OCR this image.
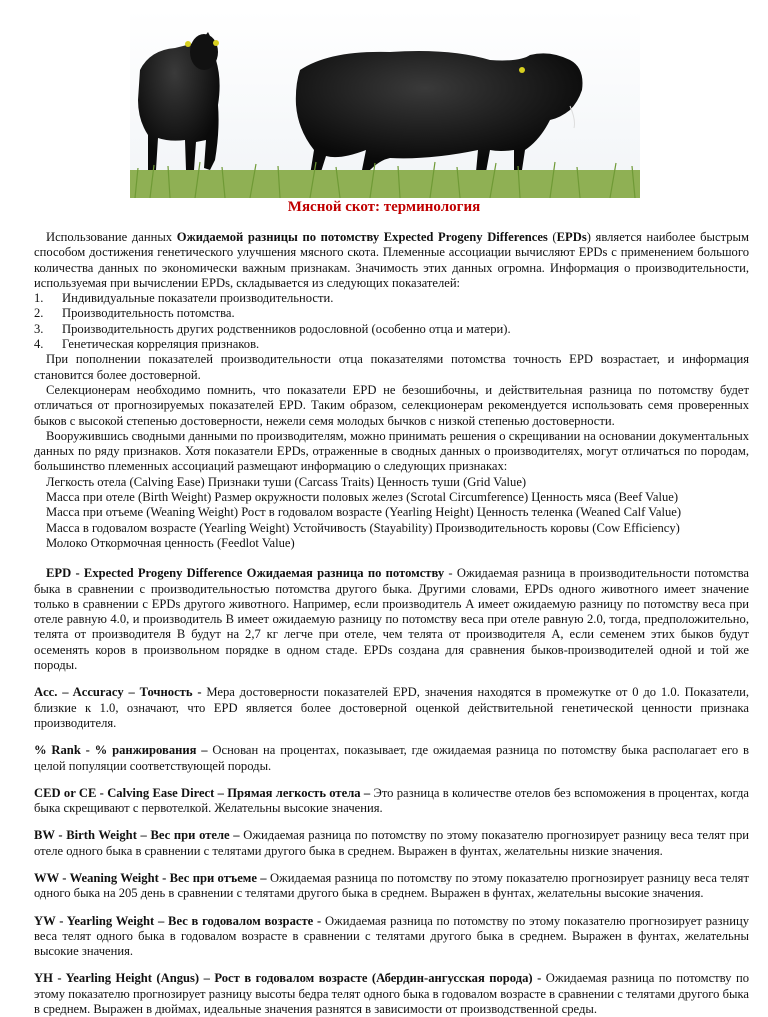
Мясной скот: терминология

Использование данных Ожидаемой разницы по потомству Expected Progeny Differences (EPDs) является наиболее быстрым способом достижения генетического улучшения мясного скота. Племенные ассоциации вычисляют EPDs с применением большого количества данных по экономически важным признакам. Значимость этих данных огромна. Информация о производительности, используемая при вычислении EPDs, складывается из следующих показателей:

1.	Индивидуальные показатели производительности.
2.	Производительность потомства.
3.	Производительность других родственников родословной (особенно отца и матери).
4.	Генетическая корреляция признаков.

При пополнении показателей производительности отца показателями потомства точность EPD возрастает, и информация становится более достоверной.

Селекционерам необходимо помнить, что показатели EPD не безошибочны, и действительная разница по потомству будет отличаться от прогнозируемых показателей EPD. Таким образом, селекционерам рекомендуется использовать семя проверенных быков с высокой степенью достоверности, нежели семя молодых бычков с низкой степенью достоверности.

Вооружившись сводными данными по производителям, можно принимать решения о скрещивании на основании документальных данных по ряду признаков. Хотя показатели EPDs, отраженные в сводных данных о производителях, могут отличаться по породам, большинство племенных ассоциаций размещают информацию о следующих признаках:

Легкость отела (Calving Ease) Признаки туши (Carcass Traits) Ценность туши (Grid Value)

Масса при отеле (Birth Weight) Размер окружности половых желез (Scrotal Circumference) Ценность мяса (Beef Value)

Масса при отъеме (Weaning Weight) Рост в годовалом возрасте (Yearling Height) Ценность теленка (Weaned Calf Value)

Масса в годовалом возрасте (Yearling Weight) Устойчивость (Stayability) Производительность коровы (Cow Efficiency)

Молоко Откормочная ценность (Feedlot Value)

EPD - Expected Progeny Difference Ожидаемая разница по потомству - Ожидаемая разница в производительности потомства быка в сравнении с производительностью потомства другого быка. Другими словами, EPDs одного животного имеет значение только в сравнении с EPDs другого животного. Например, если производитель А имеет ожидаемую разницу по потомству веса при отеле равную 4.0, и производитель В имеет ожидаемую разницу по потомству веса при отеле равную 2.0, тогда, предположительно, телята от производителя В будут на 2,7 кг легче при отеле, чем телята от производителя А, если семенем этих быков будут осеменять коров в произвольном порядке в одном стаде. EPDs создана для сравнения быков-производителей одной и той же породы.

Acc. – Accuracy – Точность - Мера достоверности показателей EPD, значения находятся в промежутке от 0 до 1.0. Показатели, близкие к 1.0, означают, что EPD является более достоверной оценкой действительной генетической ценности признака производителя.

% Rank - % ранжирования – Основан на процентах, показывает, где ожидаемая разница по потомству быка располагает его в целой популяции соответствующей породы.

CED or CE - Calving Ease Direct – Прямая легкость отела – Это разница в количестве отелов без вспоможения в процентах, когда быка скрещивают с первотелкой. Желательны высокие значения.

BW - Birth Weight – Вес при отеле – Ожидаемая разница по потомству по этому показателю прогнозирует разницу веса телят при отеле одного быка в сравнении с телятами другого быка в среднем. Выражен в фунтах, желательны низкие значения.

WW - Weaning Weight - Вес при отъеме – Ожидаемая разница по потомству по этому показателю прогнозирует разницу веса телят одного быка на 205 день в сравнении с телятами другого быка в среднем. Выражен в фунтах, желательны высокие значения.

YW - Yearling Weight – Вес в годовалом возрасте - Ожидаемая разница по потомству по этому показателю прогнозирует разницу веса телят одного быка в годовалом возрасте в сравнении с телятами другого быка в среднем. Выражен в фунтах, желательны высокие значения.

YH - Yearling Height (Angus) – Рост в годовалом возрасте (Абердин-ангусская порода) - Ожидаемая разница по потомству по этому показателю прогнозирует разницу высоты бедра телят одного быка в годовалом возрасте в сравнении с телятами другого быка в среднем. Выражен в дюймах, идеальные значения разнятся в зависимости от производственной среды.
